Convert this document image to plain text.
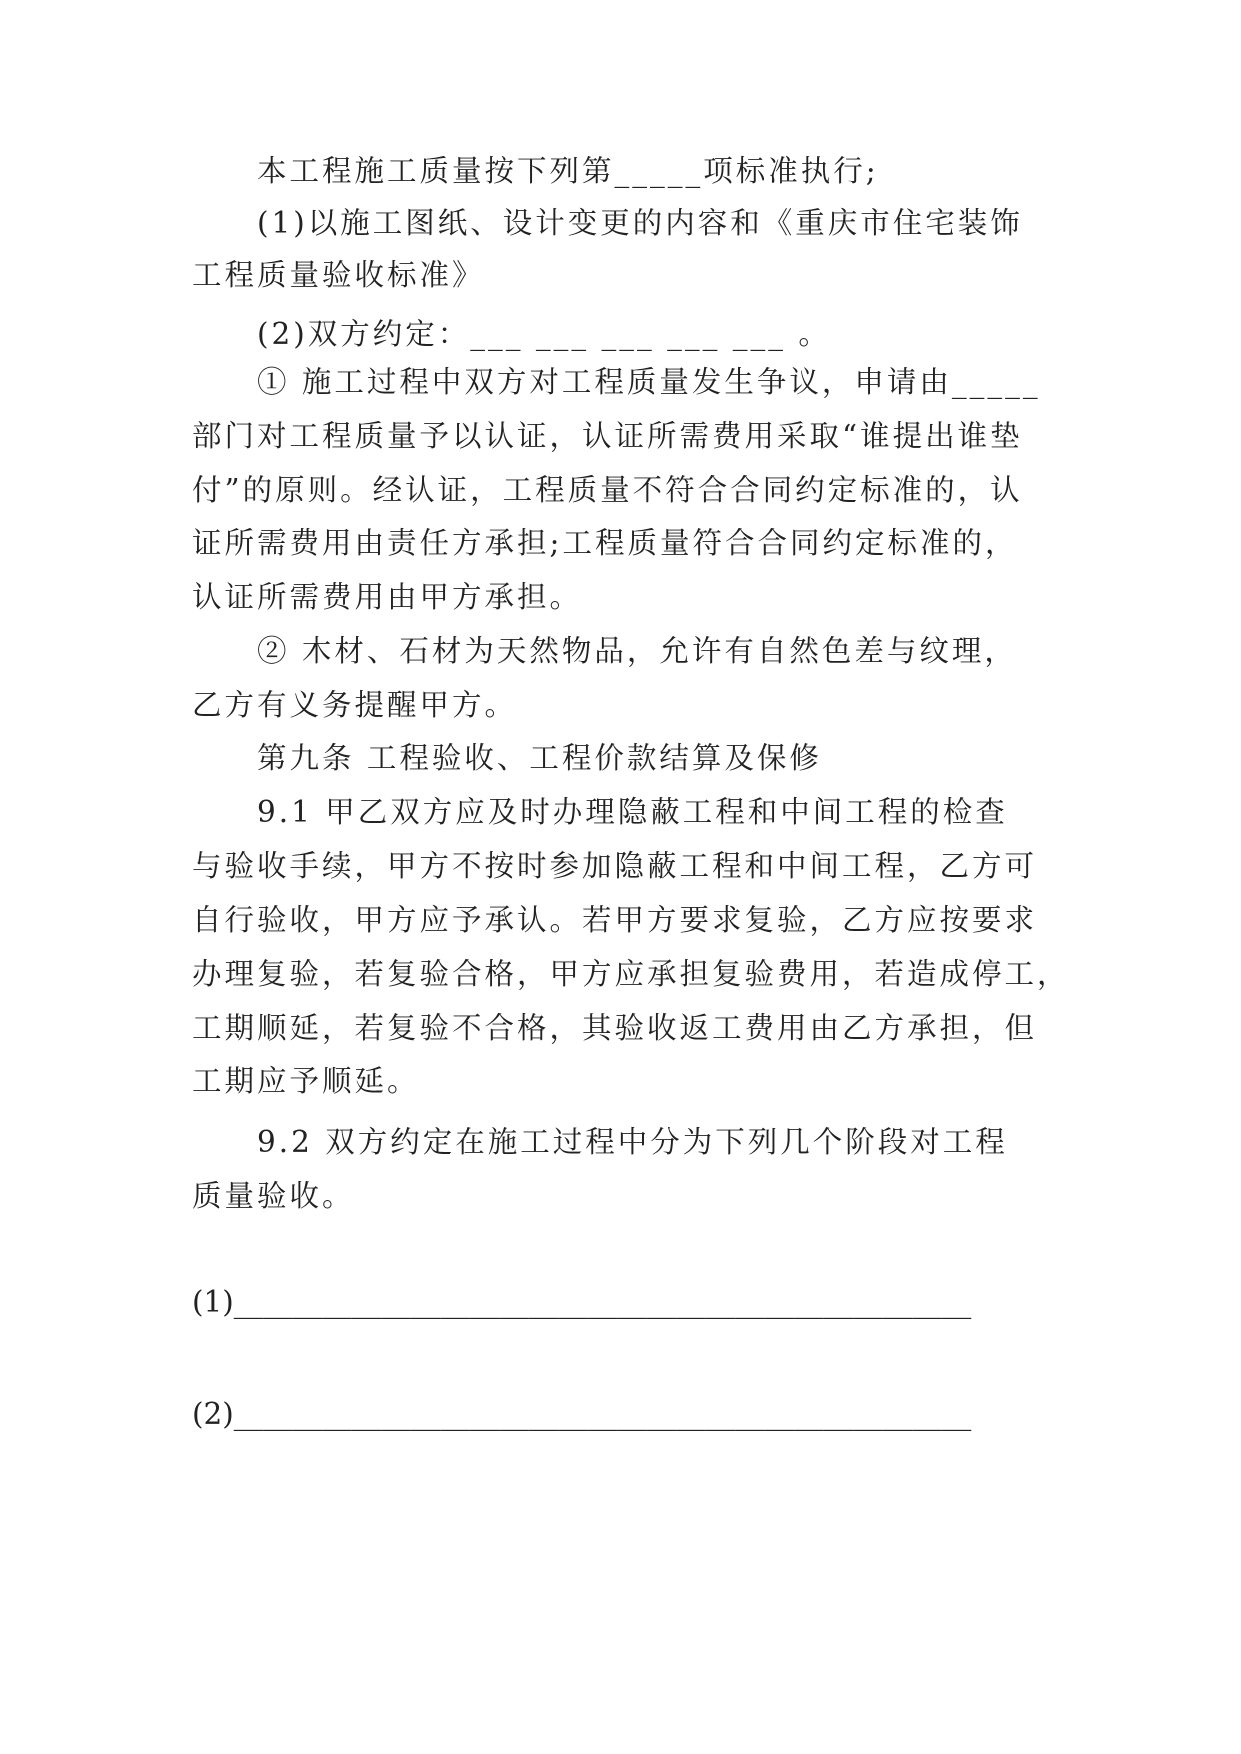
本工程施工质量按下列第_____项标准执行;

(1)以施工图纸、设计变更的内容和《重庆市住宅装饰

工程质量验收标准》

(2)双方约定：___ ___ ___ ___ ___ 。

① 施工过程中双方对工程质量发生争议，申请由_____

部门对工程质量予以认证，认证所需费用采取“谁提出谁垫

付”的原则。经认证，工程质量不符合合同约定标准的，认

证所需费用由责任方承担;工程质量符合合同约定标准的，

认证所需费用由甲方承担。

② 木材、石材为天然物品，允许有自然色差与纹理，

乙方有义务提醒甲方。

第九条 工程验收、工程价款结算及保修

9.1 甲乙双方应及时办理隐蔽工程和中间工程的检查

与验收手续，甲方不按时参加隐蔽工程和中间工程，乙方可

自行验收，甲方应予承认。若甲方要求复验，乙方应按要求

办理复验，若复验合格，甲方应承担复验费用，若造成停工，

工期顺延，若复验不合格，其验收返工费用由乙方承担，但

工期应予顺延。

9.2 双方约定在施工过程中分为下列几个阶段对工程

质量验收。

(1)__________________________________________________

(2)__________________________________________________
